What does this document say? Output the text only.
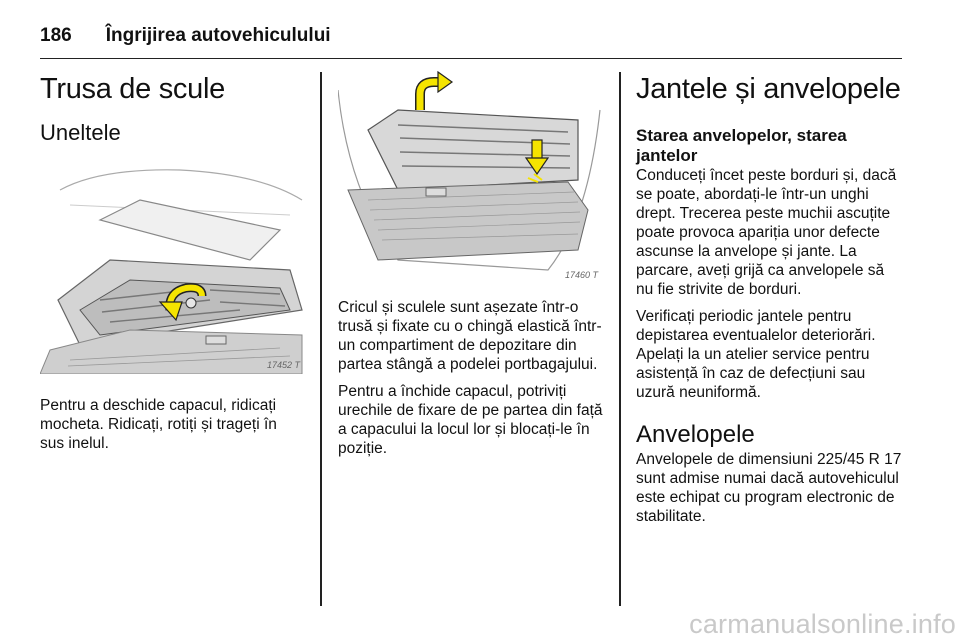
186 Îngrijirea autovehiculului
Trusa de scule
Uneltele
17452 T

Pentru a deschide capacul, ridicați mocheta. Ridicați, rotiți și trageți în sus inelul.

17460 T

Cricul și sculele sunt așezate într-o trusă și fixate cu o chingă elastică într-un compartiment de depozitare din partea stângă a podelei portbagajului.

Pentru a închide capacul, potriviți urechile de fixare de pe partea din față a capacului la locul lor și blocați-le în poziție.

Jantele și anvelopele
Starea anvelopelor, starea jantelor

Conduceți încet peste borduri și, dacă se poate, abordați-le într-un unghi drept. Trecerea peste muchii ascuțite poate provoca apariția unor defecte ascunse la anvelope și jante. La parcare, aveți grijă ca anvelopele să nu fie strivite de borduri.

Verificați periodic jantele pentru depistarea eventualelor deteriorări. Apelați la un atelier service pentru asistență în caz de defecțiuni sau uzură neuniformă.

Anvelopele

Anvelopele de dimensiuni 225/45 R 17 sunt admise numai dacă autovehiculul este echipat cu program electronic de stabilitate.

carmanualsonline.info
